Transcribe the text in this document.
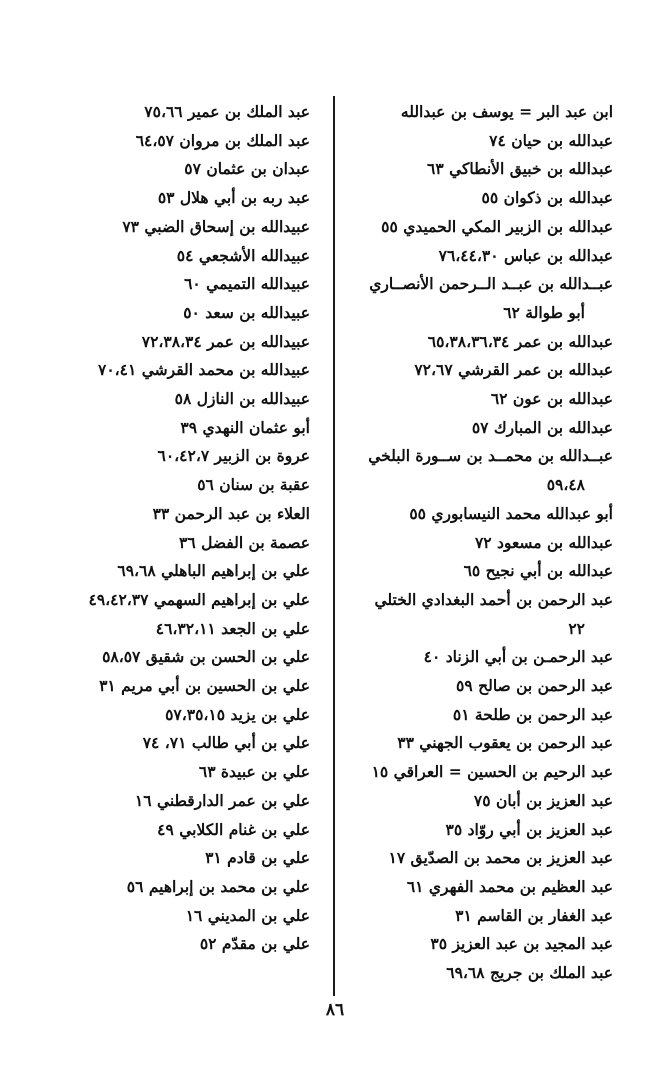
ابن عبد البر = يوسف بن عبدالله
عبدالله بن حيان ٧٤
عبدالله بن خبيق الأنطاكي ٦٣
عبدالله بن ذكوان ٥٥
عبدالله بن الزبير المكي الحميدي ٥٥
عبدالله بن عباس ٧٦،٤٤،٣٠
عبــدالله بن عبــد الــرحمن الأنصــاري
أبو طوالة ٦٢
عبدالله بن عمر ٦٥،٣٨،٣٦،٣٤
عبدالله بن عمر القرشي ٧٢،٦٧
عبدالله بن عون ٦٢
عبدالله بن المبارك ٥٧
عبــدالله بن محمــد بن ســورة البلخي
٥٩،٤٨
أبو عبدالله محمد النيسابوري ٥٥
عبدالله بن مسعود ٧٢
عبدالله بن أبي نجيح ٦٥
عبد الرحمن بن أحمد البغدادي الختلي
٢٢
عبد الرحمـن بن أبي الزناد ٤٠
عبد الرحمن بن صالح ٥٩
عبد الرحمن بن طلحة ٥١
عبد الرحمن بن يعقوب الجهني ٣٣
عبد الرحيم بن الحسين = العراقي ١٥
عبد العزيز بن أبان ٧٥
عبد العزيز بن أبي روّاد ٣٥
عبد العزيز بن محمد بن الصدّيق ١٧
عبد العظيم بن محمد الفهري ٦١
عبد الغفار بن القاسم ٣١
عبد المجيد بن عبد العزيز ٣٥
عبد الملك بن جريج ٦٩،٦٨
عبد الملك بن عمير ٧٥،٦٦
عبد الملك بن مروان ٦٤،٥٧
عبدان بن عثمان ٥٧
عبد ربه بن أبي هلال ٥٣
عبيدالله بن إسحاق الضبي ٧٣
عبيدالله الأشجعي ٥٤
عبيدالله التميمي ٦٠
عبيدالله بن سعد ٥٠
عبيدالله بن عمر ٧٢،٣٨،٣٤
عبيدالله بن محمد القرشي ٧٠،٤١
عبيدالله بن النازل ٥٨
أبو عثمان النهدي ٣٩
عروة بن الزبير ٦٠،٤٢،٧
عقبة بن سنان ٥٦
العلاء بن عبد الرحمن ٣٣
عصمة بن الفضل ٣٦
علي بن إبراهيم الباهلي ٦٩،٦٨
علي بن إبراهيم السهمي ٤٩،٤٢،٣٧
علي بن الجعد ٤٦،٣٢،١١
علي بن الحسن بن شقيق ٥٨،٥٧
علي بن الحسين بن أبي مريم ٣١
علي بن يزيد ٥٧،٣٥،١٥
علي بن أبي طالب ٧١، ٧٤
علي بن عبيدة ٦٣
علي بن عمر الدارقطني ١٦
علي بن غنام الكلابي ٤٩
علي بن قادم ٣١
علي بن محمد بن إبراهيم ٥٦
علي بن المديني ١٦
علي بن مقدّم ٥٢
٨٦
